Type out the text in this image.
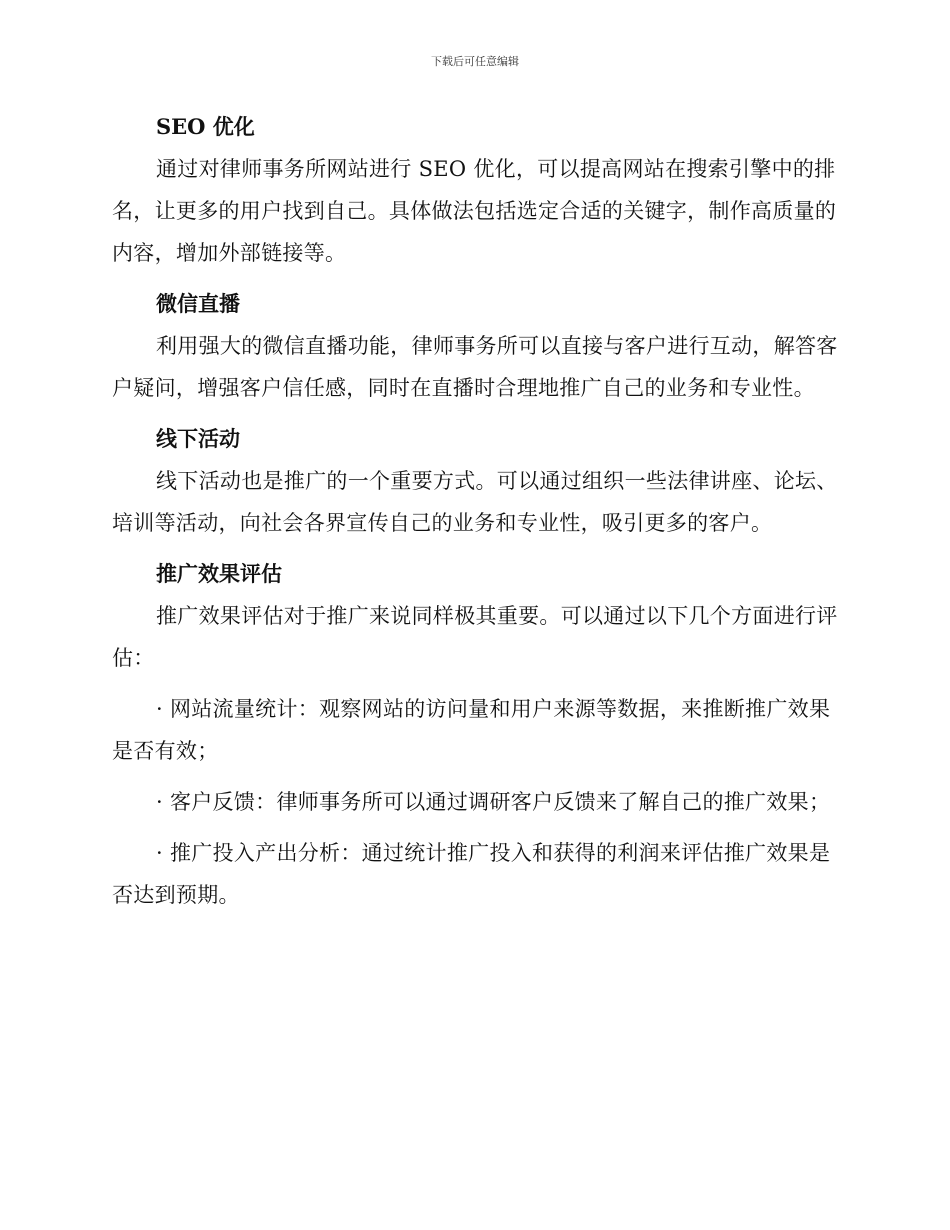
下载后可任意编辑
SEO 优化

通过对律师事务所网站进行 SEO 优化，可以提高网站在搜索引擎中的排名，让更多的用户找到自己。具体做法包括选定合适的关键字，制作高质量的内容，增加外部链接等。

微信直播

利用强大的微信直播功能，律师事务所可以直接与客户进行互动，解答客户疑问，增强客户信任感，同时在直播时合理地推广自己的业务和专业性。

线下活动

线下活动也是推广的一个重要方式。可以通过组织一些法律讲座、论坛、培训等活动，向社会各界宣传自己的业务和专业性，吸引更多的客户。

推广效果评估

推广效果评估对于推广来说同样极其重要。可以通过以下几个方面进行评估：

· 网站流量统计：观察网站的访问量和用户来源等数据，来推断推广效果是否有效；
· 客户反馈：律师事务所可以通过调研客户反馈来了解自己的推广效果；
· 推广投入产出分析：通过统计推广投入和获得的利润来评估推广效果是否达到预期。
